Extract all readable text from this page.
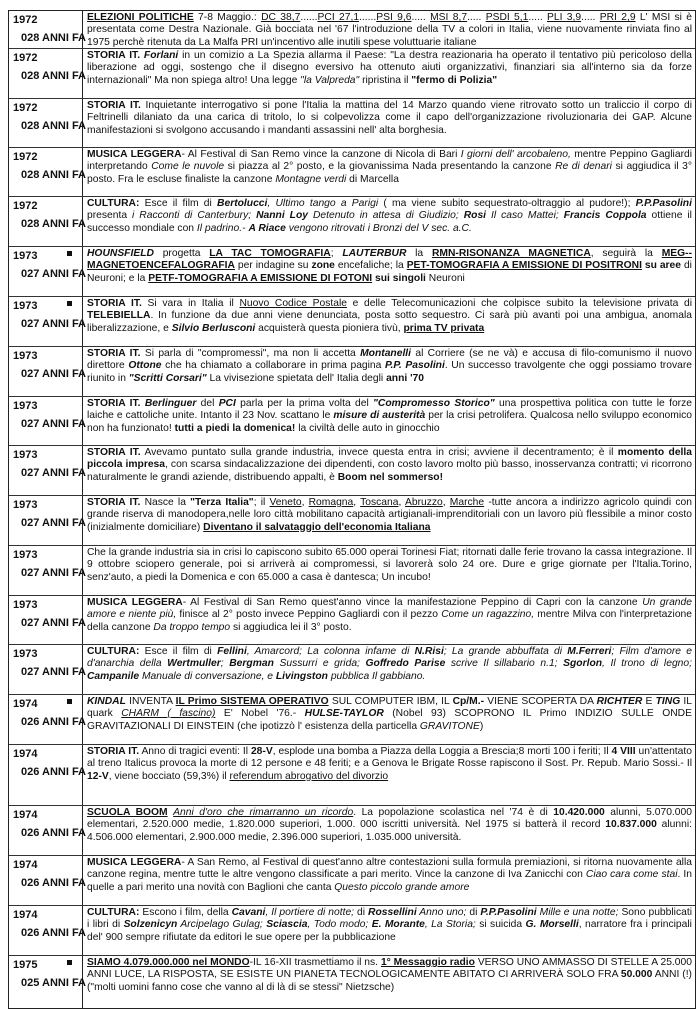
1972
028 ANNI FA
ELEZIONI POLITICHE 7-8 Maggio.: DC 38,7......PCI 27,1......PSI 9,6..... MSI 8,7..... PSDI 5,1..... PLI 3,9..... PRI 2,9 L' MSI si è presentata come Destra Nazionale. Già bocciata nel '67 l'introduzione della TV a colori in Italia, viene nuovamente rinviata fino al 1975 perchè ritenuta da La Malfa PRI un'incentivo alle inutili spese voluttuarie italiane
1972
028 ANNI FA
STORIA IT. Forlani in un comizio a La Spezia allarma il Paese: "La destra reazionaria ha operato il tentativo più pericoloso della liberazione ad oggi, sostengo che il disegno eversivo ha ottenuto aiuti organizzativi, finanziari sia all'interno sia da forze internazionali" Ma non spiega altro! Una legge "la Valpreda" ripristina il "fermo di Polizia"
1972
028 ANNI FA
STORIA IT. Inquietante interrogativo si pone l'Italia la mattina del 14 Marzo quando viene ritrovato sotto un traliccio il corpo di Feltrinelli dilaniato da una carica di tritolo, lo si colpevolizza come il capo dell'organizzazione rivoluzionaria dei GAP. Alcune manifestazioni si svolgono accusando i mandanti assassini nell' alta borghesia.
1972
028 ANNI FA
MUSICA LEGGERA- Al Festival di San Remo vince la canzone di Nicola di Bari I giorni dell' arcobaleno, mentre Peppino Gagliardi interpretando Come le nuvole si piazza al 2° posto, e la giovanissima Nada presentando la canzone Re di denari si aggiudica il 3° posto. Fra le escluse finaliste la canzone Montagne verdi di Marcella
1972
028 ANNI FA
CULTURA: Esce il film di Bertolucci, Ultimo tango a Parigi ( ma viene subito sequestrato-oltraggio al pudore!); P.P.Pasolini presenta i Racconti di Canterbury; Nanni Loy Detenuto in attesa di Giudizio; Rosi Il caso Mattei; Francis Coppola ottiene il successo mondiale con Il padrino.- A Riace vengono ritrovati i Bronzi del V sec. a.C.
1973
027 ANNI FA
HOUNSFIELD progetta LA TAC TOMOGRAFIA; LAUTERBUR la RMN-RISONANZA MAGNETICA, seguirà la MEG--MAGNETOENCEFALOGRAFIA per indagine su zone encefaliche; la PET-TOMOGRAFIA A EMISSIONE DI POSITRONI su aree di Neuroni; e la PETF-TOMOGRAFIA A EMISSIONE DI FOTONI sui singoli Neuroni
1973
027 ANNI FA
STORIA IT. Si vara in Italia il Nuovo Codice Postale e delle Telecomunicazioni che colpisce subito la televisione privata di TELEBIELLA. In funzione da due anni viene denunciata, posta sotto sequestro. Ci sarà più avanti poi una ambigua, anomala liberalizzazione, e Silvio Berlusconi acquisterà questa pioniera tivù, prima TV privata
1973
027 ANNI FA
STORIA IT. Si parla di "compromessi", ma non li accetta Montanelli al Corriere (se ne và) e accusa di filo-comunismo il nuovo direttore Ottone che ha chiamato a collaborare in prima pagina P.P. Pasolini. Un successo travolgente che oggi possiamo trovare riunito in "Scritti Corsari" La vivisezione spietata dell' Italia degli anni '70
1973
027 ANNI FA
STORIA IT. Berlinguer del PCI parla per la prima volta del "Compromesso Storico" una prospettiva politica con tutte le forze laiche e cattoliche unite. Intanto il 23 Nov. scattano le misure di austerità per la crisi petrolifera. Qualcosa nello sviluppo economico non ha funzionato! tutti a piedi la domenica! la civiltà delle auto in ginocchio
1973
027 ANNI FA
STORIA IT. Avevamo puntato sulla grande industria, invece questa entra in crisi; avviene il decentramento; è il momento della piccola impresa, con scarsa sindacalizzazione dei dipendenti, con costo lavoro molto più basso, inosservanza contratti; vi ricorrono naturalmente le grandi aziende, distribuendo appalti, è Boom nel sommerso!
1973
027 ANNI FA
STORIA IT. Nasce la "Terza Italia"; il Veneto, Romagna, Toscana, Abruzzo, Marche -tutte ancora a indirizzo agricolo quindi con grande riserva di manodopera,nelle loro città mobilitano capacità artigianali-imprenditoriali con un lavoro più flessibile a minor costo (inizialmente domiciliare) Diventano il salvataggio dell'economia Italiana
1973
027 ANNI FA
Che la grande industria sia in crisi lo capiscono subito 65.000 operai Torinesi Fiat; ritornati dalle ferie trovano la cassa integrazione. Il 9 ottobre sciopero generale, poi si arriverà ai compromessi, si lavorerà solo 24 ore. Dure e grige giornate per l'Italia.Torino, senz'auto, a piedi la Domenica e con 65.000 a casa è dantesca; Un incubo!
1973
027 ANNI FA
MUSICA LEGGERA- Al Festival di San Remo quest'anno vince la manifestazione Peppino di Capri con la canzone Un grande amore e niente più, finisce al 2° posto invece Peppino Gagliardi con il pezzo Come un ragazzino, mentre Milva con l'interpretazione della canzone Da troppo tempo si aggiudica lei il 3° posto.
1973
027 ANNI FA
CULTURA: Esce il film di Fellini, Amarcord; La colonna infame di N.Risi; La grande abbuffata di M.Ferreri; Film d'amore e d'anarchia della Wertmuller; Bergman Sussurri e grida; Goffredo Parise scrive Il sillabario n.1; Sgorlon, Il trono di legno; Campanile Manuale di conversazione, e Livingston pubblica Il gabbiano.
1974
026 ANNI FA
KINDAL INVENTA IL Primo SISTEMA OPERATIVO SUL COMPUTER IBM, IL Cp/M.- VIENE SCOPERTA DA RICHTER E TING IL quark CHARM ( fascino) E' Nobel '76.- HULSE-TAYLOR (Nobel 93) SCOPRONO IL Primo INDIZIO SULLE ONDE GRAVITAZIONALI DI EINSTEIN (che ipotizzò l' esistenza della particella GRAVITONE)
1974
026 ANNI FA
STORIA IT. Anno di tragici eventi: Il 28-V, esplode una bomba a Piazza della Loggia a Brescia;8 morti 100 i feriti; Il 4 VIII un'attentato al treno Italicus provoca la morte di 12 persone e 48 feriti; e a Genova le Brigate Rosse rapiscono il Sost. Pr. Repub. Mario Sossi.- Il 12-V, viene bocciato (59,3%) il referendum abrogativo del divorzio
1974
026 ANNI FA
SCUOLA BOOM Anni d'oro che rimarranno un ricordo. La popolazione scolastica nel '74 è di 10.420.000 alunni, 5.070.000 elementari, 2.520.000 medie, 1.820.000 superiori, 1.000. 000 iscritti università. Nel 1975 si batterà il record 10.837.000 alunni: 4.506.000 elementari, 2.900.000 medie, 2.396.000 superiori, 1.035.000 università.
1974
026 ANNI FA
MUSICA LEGGERA- A San Remo, al Festival di quest'anno altre contestazioni sulla formula premiazioni, si ritorna nuovamente alla canzone regina, mentre tutte le altre vengono classificate a pari merito. Vince la canzone di Iva Zanicchi con Ciao cara come stai. In quelle a pari merito una novità con Baglioni che canta Questo piccolo grande amore
1974
026 ANNI FA
CULTURA: Escono i film, della Cavani, Il portiere di notte; di Rossellini Anno uno; di P.P.Pasolini Mille e una notte; Sono pubblicati i libri di Solzenicyn Arcipelago Gulag; Sciascia, Todo modo; E. Morante, La Storia; si suicida G. Morselli, narratore fra i principali del' 900 sempre rifiutate da editori le sue opere per la pubblicazione
1975
025 ANNI FA
SIAMO 4.079.000.000 nel MONDO-IL 16-XII trasmettiamo il ns. 1° Messaggio radio VERSO UNO AMMASSO DI STELLE A 25.000 ANNI LUCE, LA RISPOSTA, SE ESISTE UN PIANETA TECNOLOGICAMENTE ABITATO CI ARRIVERÀ SOLO FRA 50.000 ANNI (!) ("molti uomini fanno cose che vanno al di là di se stessi" Nietzsche)
